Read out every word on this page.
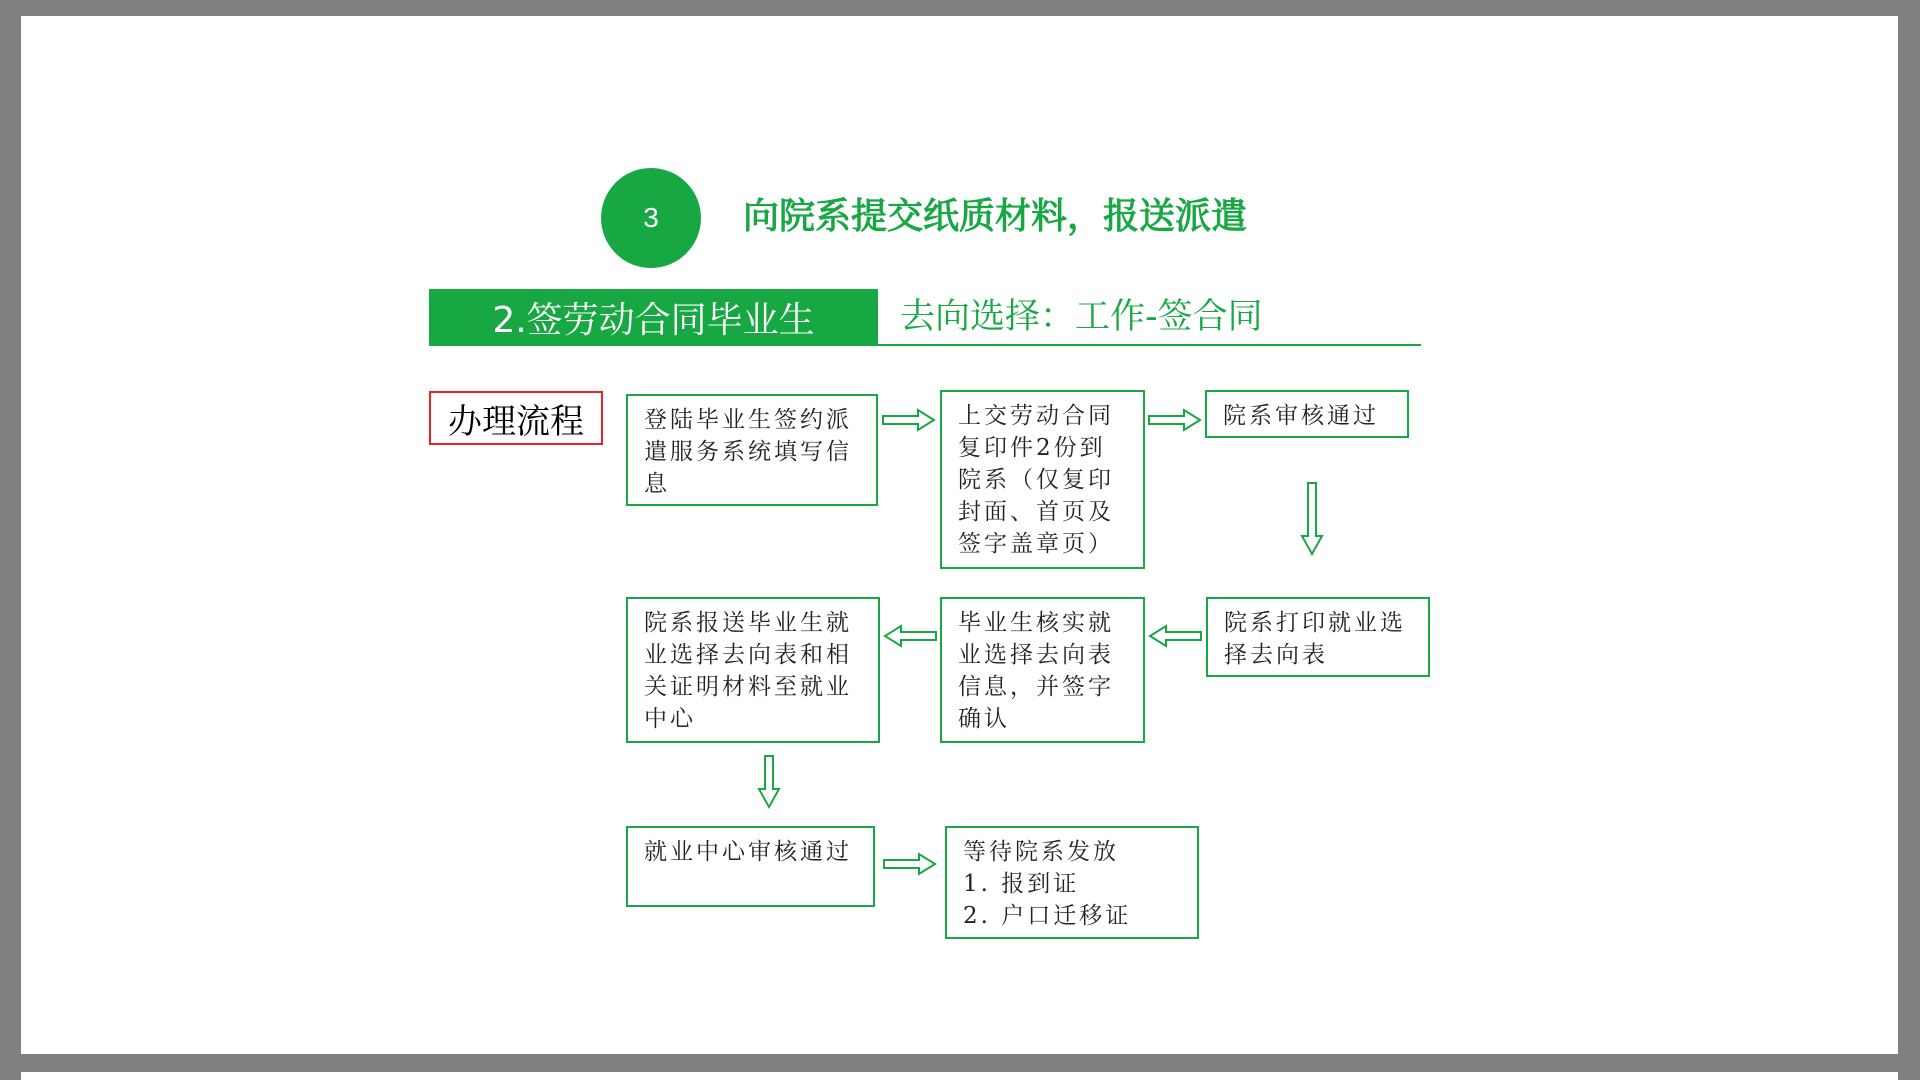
3	向院系提交纸质材料，报送派遣
2.签劳动合同毕业生	去向选择：工作-签合同
办理流程	登陆毕业生签约派遣服务系统填写信息
上交劳动合同复印件2份到院系（仅复印封面、首页及签字盖章页）
院系审核通过
院系打印就业选择去向表
毕业生核实就业选择去向表信息，并签字确认
院系报送毕业生就业选择去向表和相关证明材料至就业中心
就业中心审核通过	等待院系发放
1. 报到证
2. 户口迁移证
